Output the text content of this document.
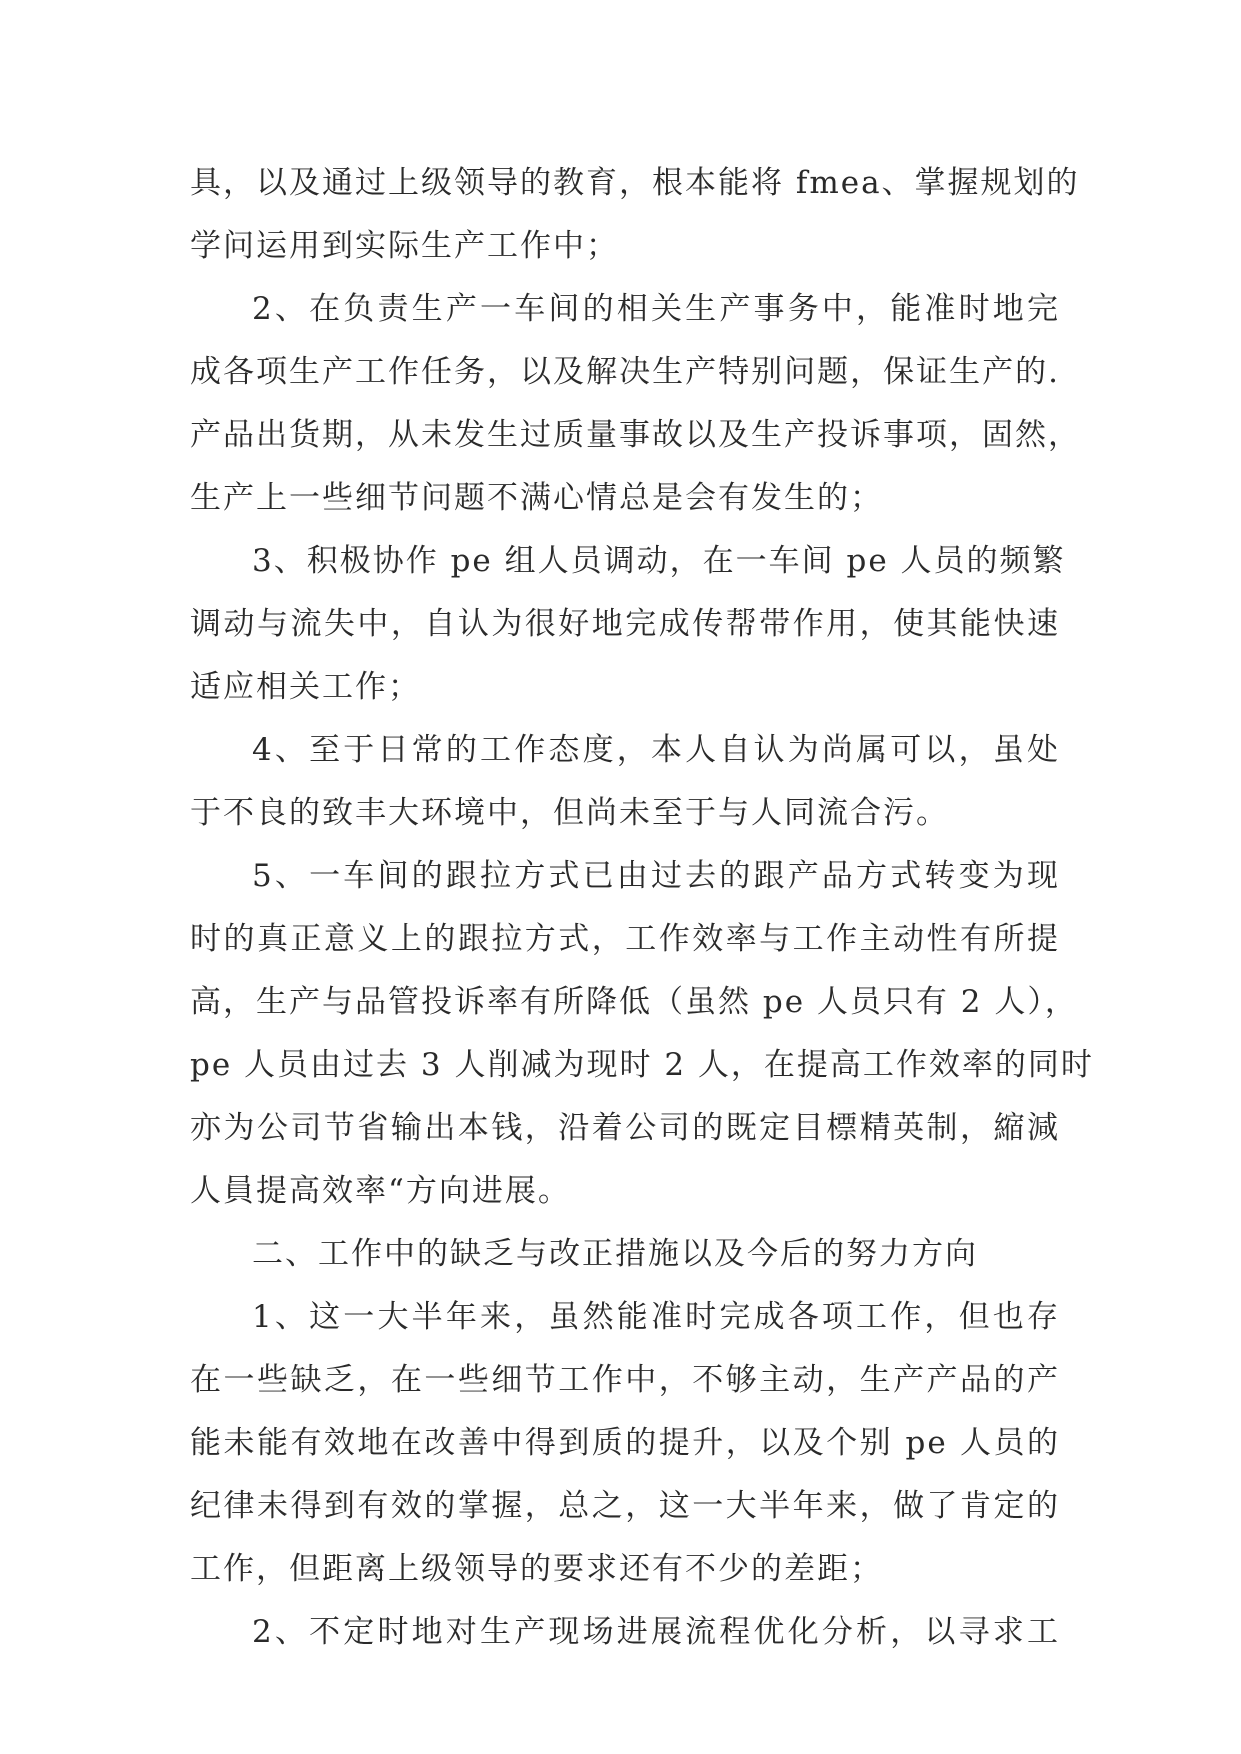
具，以及通过上级领导的教育，根本能将 fmea、掌握规划的
学问运用到实际生产工作中；
2、在负责生产一车间的相关生产事务中，能准时地完
成各项生产工作任务，以及解决生产特别问题，保证生产的.
产品出货期，从未发生过质量事故以及生产投诉事项，固然，
生产上一些细节问题不满心情总是会有发生的；
3、积极协作 pe 组人员调动，在一车间 pe 人员的频繁
调动与流失中，自认为很好地完成传帮带作用，使其能快速
适应相关工作；
4、至于日常的工作态度，本人自认为尚属可以，虽处
于不良的致丰大环境中，但尚未至于与人同流合污。
5、一车间的跟拉方式已由过去的跟产品方式转变为现
时的真正意义上的跟拉方式，工作效率与工作主动性有所提
高，生产与品管投诉率有所降低（虽然 pe 人员只有 2 人），
pe 人员由过去 3 人削减为现时 2 人，在提高工作效率的同时
亦为公司节省输出本钱，沿着公司的既定目標精英制，縮減
人員提高效率“方向进展。
二、工作中的缺乏与改正措施以及今后的努力方向
1、这一大半年来，虽然能准时完成各项工作，但也存
在一些缺乏，在一些细节工作中，不够主动，生产产品的产
能未能有效地在改善中得到质的提升，以及个别 pe 人员的
纪律未得到有效的掌握，总之，这一大半年来，做了肯定的
工作，但距离上级领导的要求还有不少的差距；
2、不定时地对生产现场进展流程优化分析，以寻求工
